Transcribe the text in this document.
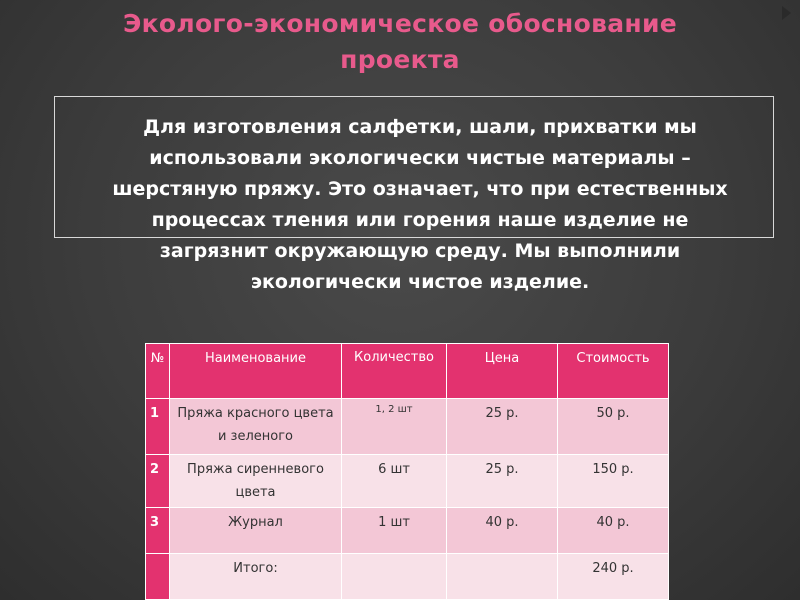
Эколого-экономическое обоснование проекта
Для изготовления салфетки, шали, прихватки мы использовали экологически чистые материалы – шерстяную пряжу. Это означает, что при естественных процессах тления или горения наше изделие не загрязнит окружающую среду. Мы выполнили экологически чистое изделие.
№	Наименование	Количество	Цена	Стоимость
1	Пряжа красного цвета и зеленого	1, 2 шт	25 р.	50 р.
2	Пряжа сиреннeвого цвета	6 шт	25 р.	150 р.
3	Журнал	1 шт	40 р.	40 р.
	Итого:			240 р.
